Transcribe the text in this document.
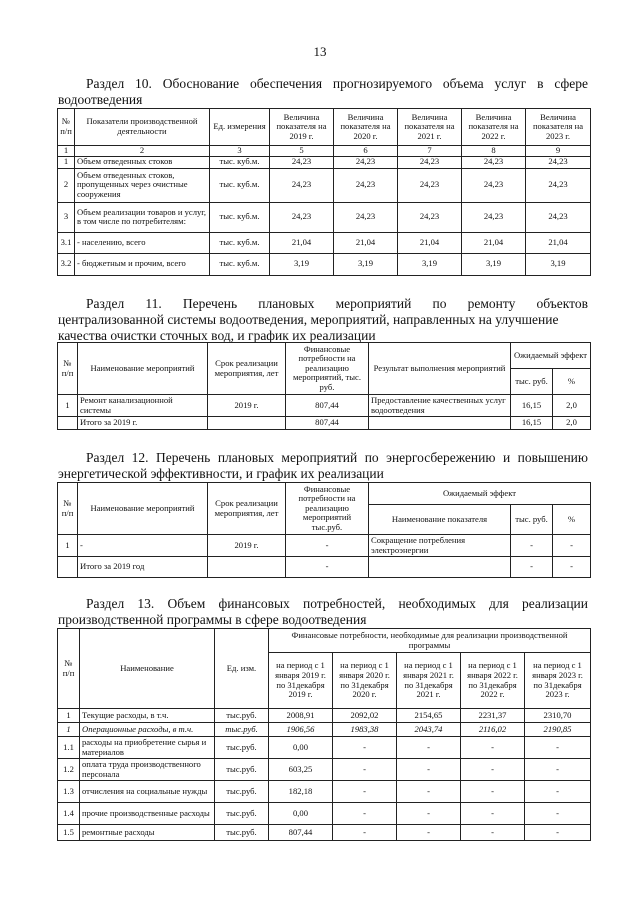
13
Раздел 10. Обоснование обеспечения прогнозируемого объема услуг в сфере
водоотведения
№ п/п	Показатели производственной деятельности	Ед. измерения	Величина показателя на 2019 г.	Величина показателя на 2020 г.	Величина показателя на 2021 г.	Величина показателя на 2022 г.	Величина показателя на 2023 г.
1	2	3	5	6	7	8	9
1	Объем отведенных стоков	тыс. куб.м.	24,23	24,23	24,23	24,23	24,23
2	Объем отведенных стоков, пропущенных через очистные сооружения	тыс. куб.м.	24,23	24,23	24,23	24,23	24,23
3	Объем реализации товаров и услуг, в том числе по потребителям:	тыс. куб.м.	24,23	24,23	24,23	24,23	24,23
3.1	- населению, всего	тыс. куб.м.	21,04	21,04	21,04	21,04	21,04
3.2	- бюджетным и прочим, всего	тыс. куб.м.	3,19	3,19	3,19	3,19	3,19
Раздел 11. Перечень плановых мероприятий по ремонту объектов
централизованной системы водоотведения, мероприятий, направленных на улучшение
качества очистки сточных вод, и график их реализации
№ п/п	Наименование мероприятий	Срок реализации мероприятия, лет	Финансовые потребности на реализацию мероприятий, тыс. руб.	Результат выполнения мероприятий	Ожидаемый эффект	
					тыс. руб.	%
1	Ремонт канализационной системы	2019 г.	807,44	Предоставление качественных услуг водоотведения	16,15	2,0
	Итого за 2019 г.		807,44		16,15	2,0
Раздел 12. Перечень плановых мероприятий по энергосбережению и повышению
энергетической эффективности, и график их реализации
№ п/п	Наименование мероприятий	Срок реализации мероприятия, лет	Финансовые потребности на реализацию мероприятий тыс.руб.	Ожидаемый эффект		
				Наименование показателя	тыс. руб.	%
1	-	2019 г.	-	Сокращение потребления электроэнергии	-	-
	Итого за 2019 год		-		-	-
Раздел 13. Объем финансовых потребностей, необходимых для реализации
производственной программы в сфере водоотведения
№ п/п	Наименование	Ед. изм.	Финансовые потребности, необходимые для реализации производственной программы				
			на период с 1 января 2019 г. по 31декабря 2019 г.	на период с 1 января 2020 г. по 31декабря 2020 г.	на период с 1 января 2021 г. по 31декабря 2021 г.	на период с 1 января 2022 г. по 31декабря 2022 г.	на период с 1 января 2023 г. по 31декабря 2023 г.
1	Текущие расходы, в т.ч.	тыс.руб.	2008,91	2092,02	2154,65	2231,37	2310,70
1	Операционные расходы, в т.ч.	тыс.руб.	1906,56	1983,38	2043,74	2116,02	2190,85
1.1	расходы на приобретение сырья и материалов	тыс.руб.	0,00	-	-	-	-
1.2	оплата труда производственного персонала	тыс.руб.	603,25	-	-	-	-
1.3	отчисления на социальные нужды	тыс.руб.	182,18	-	-	-	-
1.4	прочие производственные расходы	тыс.руб.	0,00	-	-	-	-
1.5	ремонтные расходы	тыс.руб.	807,44	-	-	-	-
